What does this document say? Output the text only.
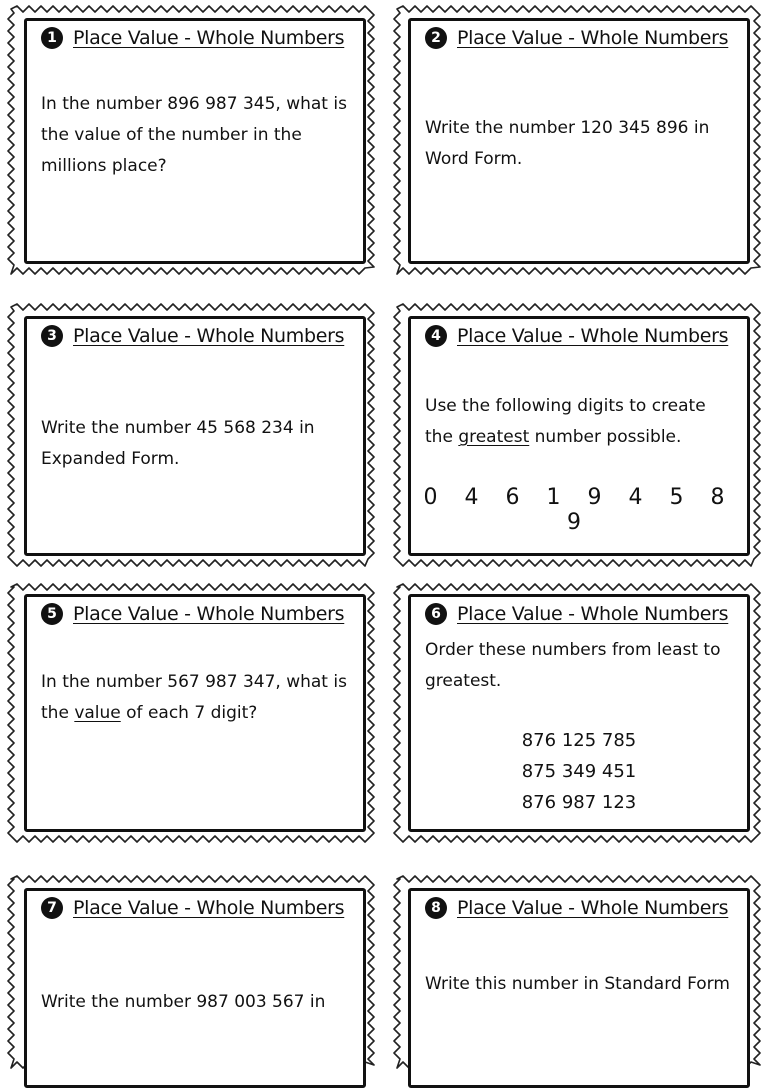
1 Place Value - Whole Numbers
In the number 896 987 345, what is the value of the number in the millions place?
2 Place Value - Whole Numbers
Write the number 120 345 896 in Word Form.
3 Place Value - Whole Numbers
Write the number 45 568 234 in Expanded Form.
4 Place Value - Whole Numbers
Use the following digits to create the greatest number possible.
0 4 6 1 9 4 5 8 9
5 Place Value - Whole Numbers
In the number 567 987 347, what is the value of each 7 digit?
6 Place Value - Whole Numbers
Order these numbers from least to greatest.
876 125 785
875 349 451
876 987 123
7 Place Value - Whole Numbers
Write the number 987 003 567 in
8 Place Value - Whole Numbers
Write this number in Standard Form
